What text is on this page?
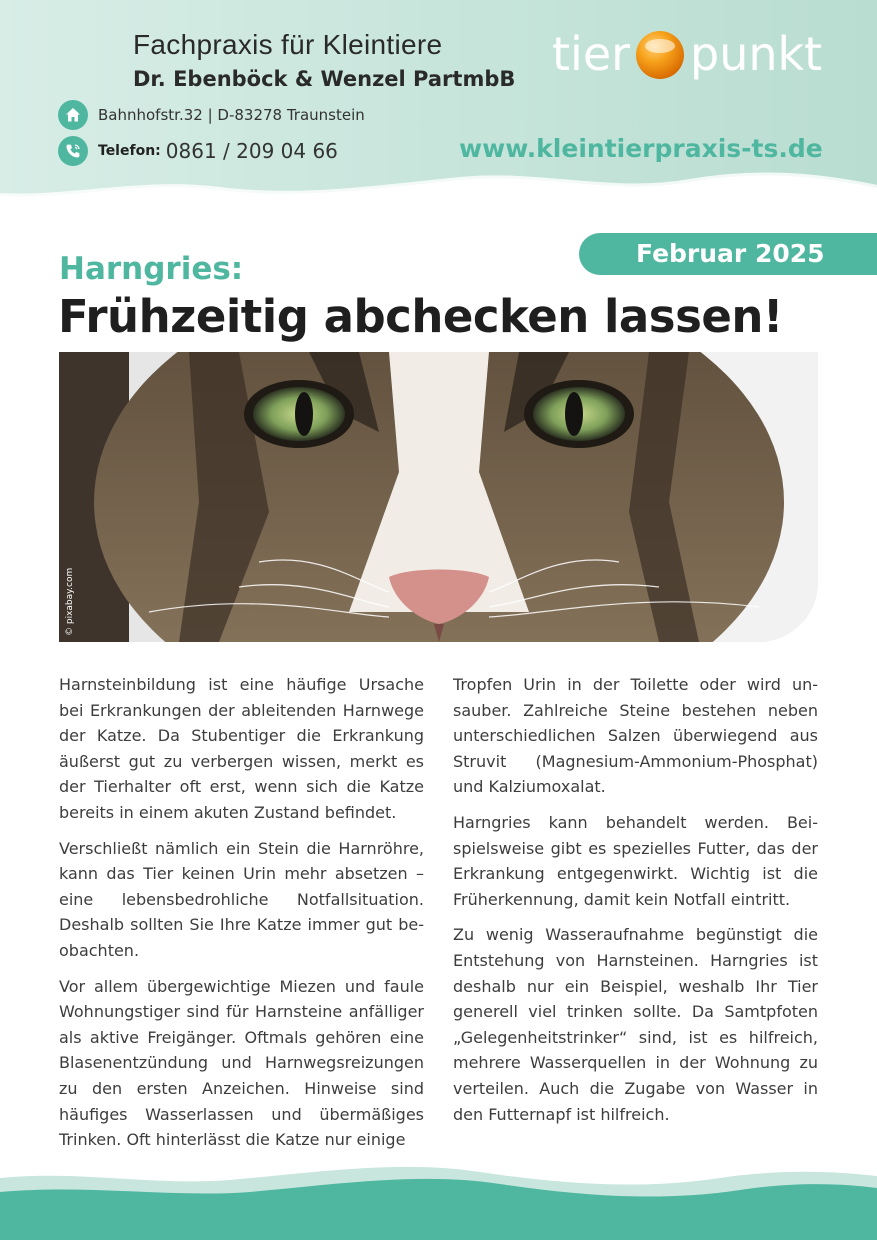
Fachpraxis für Kleintiere
Dr. Ebenböck & Wenzel PartmbB tier punkt
Bahnhofstr.32 | D-83278 Traunstein
Telefon: 0861 / 209 04 66	www.kleintierpraxis-ts.de
Februar 2025
Harngries:
Frühzeitig abchecken lassen!
© pixabay.com

Harnsteinbildung ist eine häufige Ursache bei Erkrankungen der ableitenden Harnwege der Katze. Da Stubentiger die Erkrankung äußerst gut zu verbergen wissen, merkt es der Tierhalter oft erst, wenn sich die Katze bereits in einem akuten Zustand befindet.

Verschließt nämlich ein Stein die Harnröhre, kann das Tier keinen Urin mehr absetzen – eine lebensbedrohliche Notfallsituation. Deshalb sollten Sie Ihre Katze immer gut beobachten.

Vor allem übergewichtige Miezen und faule Wohnungstiger sind für Harnsteine anfälliger als aktive Freigänger. Oftmals gehören eine Blasenentzündung und Harnwegsreizungen zu den ersten Anzeichen. Hinweise sind häufiges Wasserlassen und übermäßiges Trinken. Oft hinterlässt die Katze nur einige

Tropfen Urin in der Toilette oder wird unsauber. Zahlreiche Steine bestehen neben unterschiedlichen Salzen überwiegend aus Struvit (Magnesium-Ammonium-Phosphat) und Kalziumoxalat.

Harngries kann behandelt werden. Beispielsweise gibt es spezielles Futter, das der Erkrankung entgegenwirkt. Wichtig ist die Früherkennung, damit kein Notfall eintritt.

Zu wenig Wasseraufnahme begünstigt die Entstehung von Harnsteinen. Harngries ist deshalb nur ein Beispiel, weshalb Ihr Tier generell viel trinken sollte. Da Samtpfoten „Gelegenheitstrinker“ sind, ist es hilfreich, mehrere Wasserquellen in der Wohnung zu verteilen. Auch die Zugabe von Wasser in den Futternapf ist hilfreich.
